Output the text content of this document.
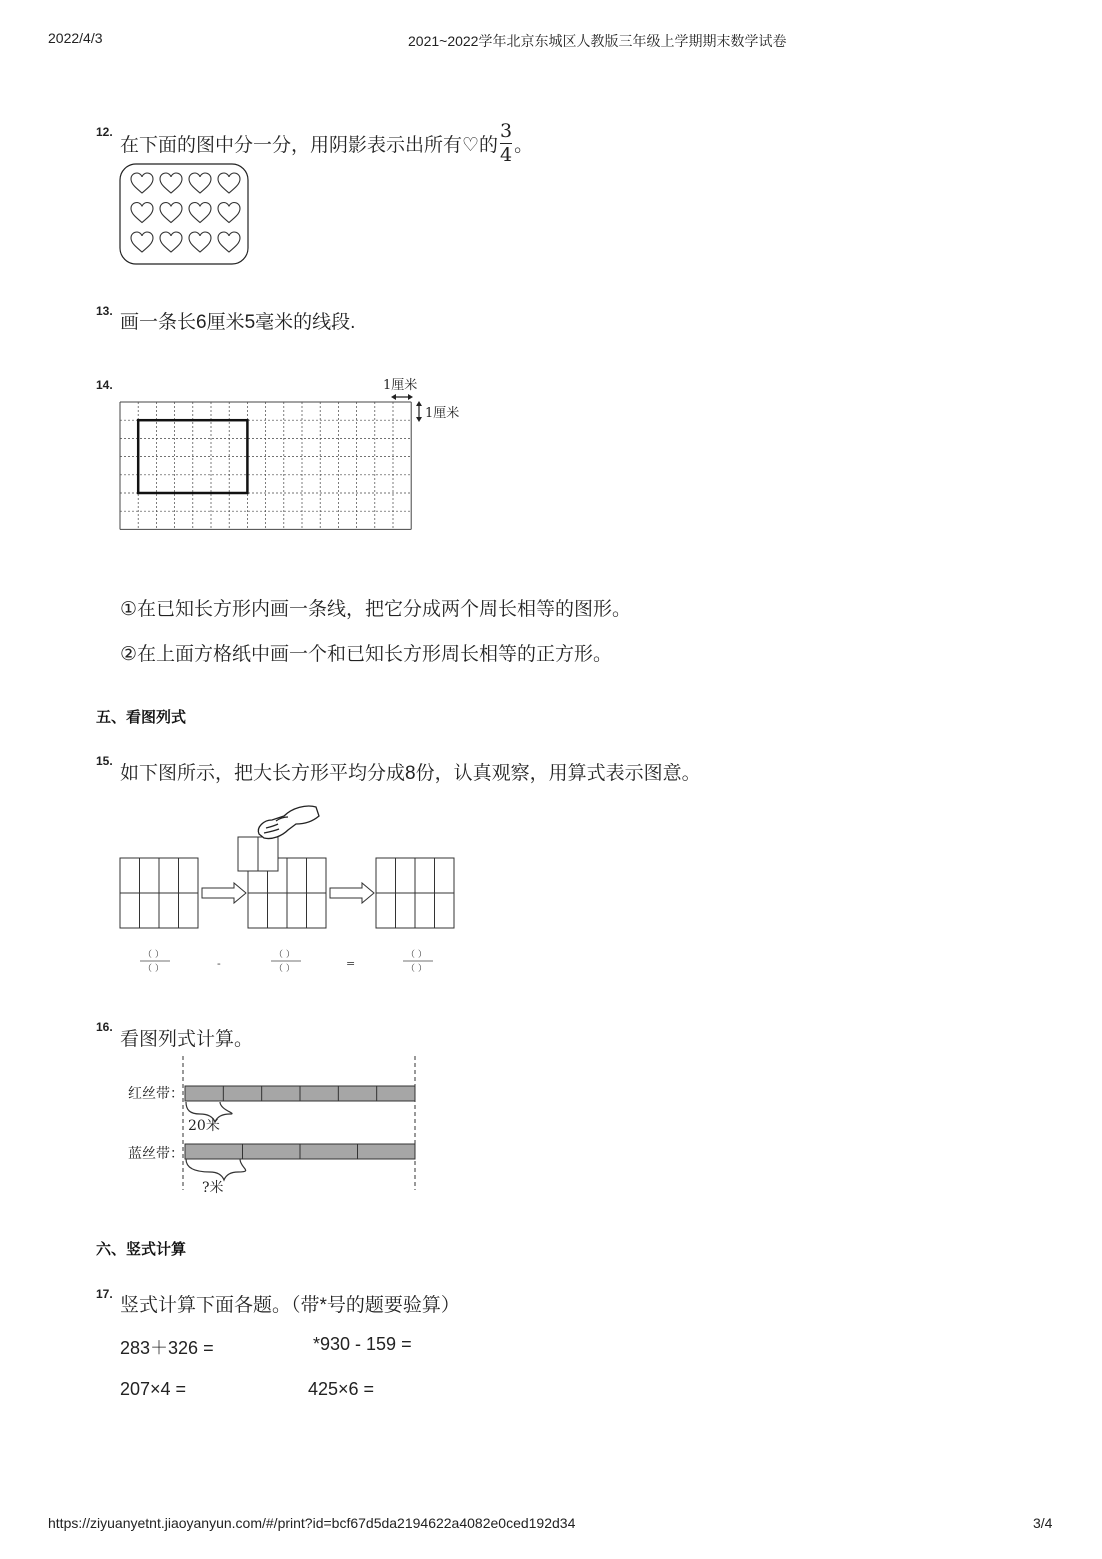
2022/4/3	2021~2022学年北京东城区人教版三年级上学期期末数学试卷
12.
在下面的图中分一分，用阴影表示出所有♡的 $\frac{3}{4}$ 。
13.
画一条长6厘米5毫米的线段.
14.	1厘米
1厘米
①在已知长方形内画一条线，把它分成两个周长相等的图形。
②在上面方格纸中画一个和已知长方形周长相等的正方形。
五、看图列式
15.
如下图所示，把大长方形平均分成8份，认真观察，用算式表示图意。
（ ）
（ ）	-
（ ）
（ ）	=
（ ）
（ ）
16.
看图列式计算。
红丝带：
20米
蓝丝带：
?米
六、竖式计算
17.
竖式计算下面各题。（带*号的题要验算）
283＋326 =	*930 - 159 =
207×4 =	425×6 =
https://ziyuanyetnt.jiaoyanyun.com/#/print?id=bcf67d5da2194622a4082e0ced192d34	3/4
